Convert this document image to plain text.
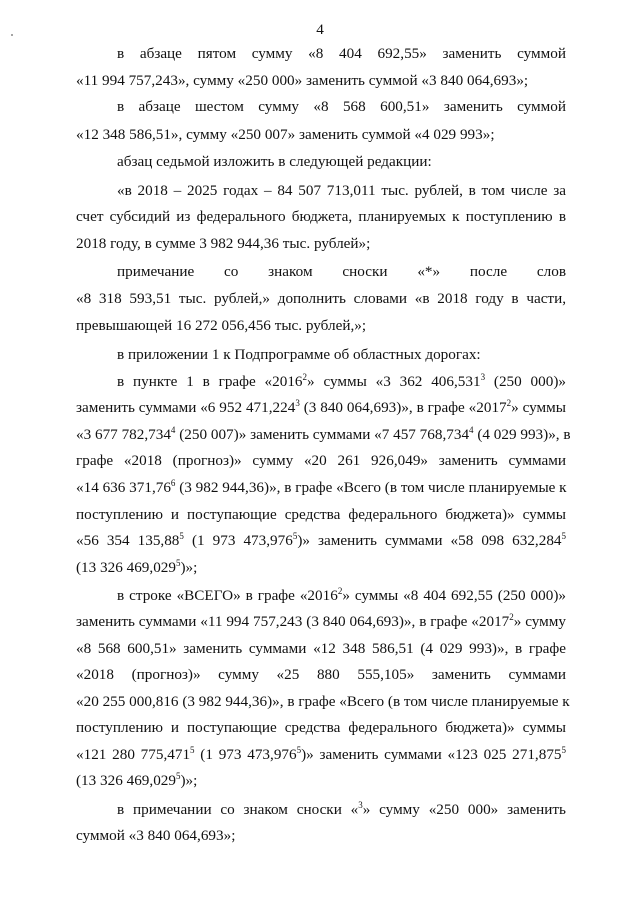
4
в абзаце пятом сумму «8 404 692,55» заменить суммой
«11 994 757,243», сумму «250 000» заменить суммой «3 840 064,693»;
в абзаце шестом сумму «8 568 600,51» заменить суммой
«12 348 586,51», сумму «250 007» заменить суммой «4 029 993»;
абзац седьмой изложить в следующей редакции:
«в 2018 – 2025 годах – 84 507 713,011 тыс. рублей, в том числе за
счет субсидий из федерального бюджета, планируемых к поступлению в
2018 году, в сумме 3 982 944,36 тыс. рублей»;
примечание со знаком сноски «*» после слов
«8 318 593,51 тыс. рублей,» дополнить словами «в 2018 году в части,
превышающей 16 272 056,456 тыс. рублей,»;
в приложении 1 к Подпрограмме об областных дорогах:
в пункте 1 в графе «2016$^2$» суммы «3 362 406,531$^3$ (250 000)»
заменить суммами «6 952 471,224$^3$ (3 840 064,693)», в графе «2017$^2$» суммы
«3 677 782,734$^4$ (250 007)» заменить суммами «7 457 768,734$^4$ (4 029 993)», в
графе «2018 (прогноз)» сумму «20 261 926,049» заменить суммами
«14 636 371,76$^6$ (3 982 944,36)», в графе «Всего (в том числе планируемые к
поступлению и поступающие средства федерального бюджета)» суммы
«56 354 135,88$^5$ (1 973 473,976$^5$)» заменить суммами «58 098 632,284$^5$
(13 326 469,029$^5$)»;
в строке «ВСЕГО» в графе «2016$^2$» суммы «8 404 692,55 (250 000)»
заменить суммами «11 994 757,243 (3 840 064,693)», в графе «2017$^2$» сумму
«8 568 600,51» заменить суммами «12 348 586,51 (4 029 993)», в графе
«2018 (прогноз)» сумму «25 880 555,105» заменить суммами
«20 255 000,816 (3 982 944,36)», в графе «Всего (в том числе планируемые к
поступлению и поступающие средства федерального бюджета)» суммы
«121 280 775,471$^5$ (1 973 473,976$^5$)» заменить суммами «123 025 271,875$^5$
(13 326 469,029$^5$)»;
в примечании со знаком сноски «$^3$» сумму «250 000» заменить
суммой «3 840 064,693»;
